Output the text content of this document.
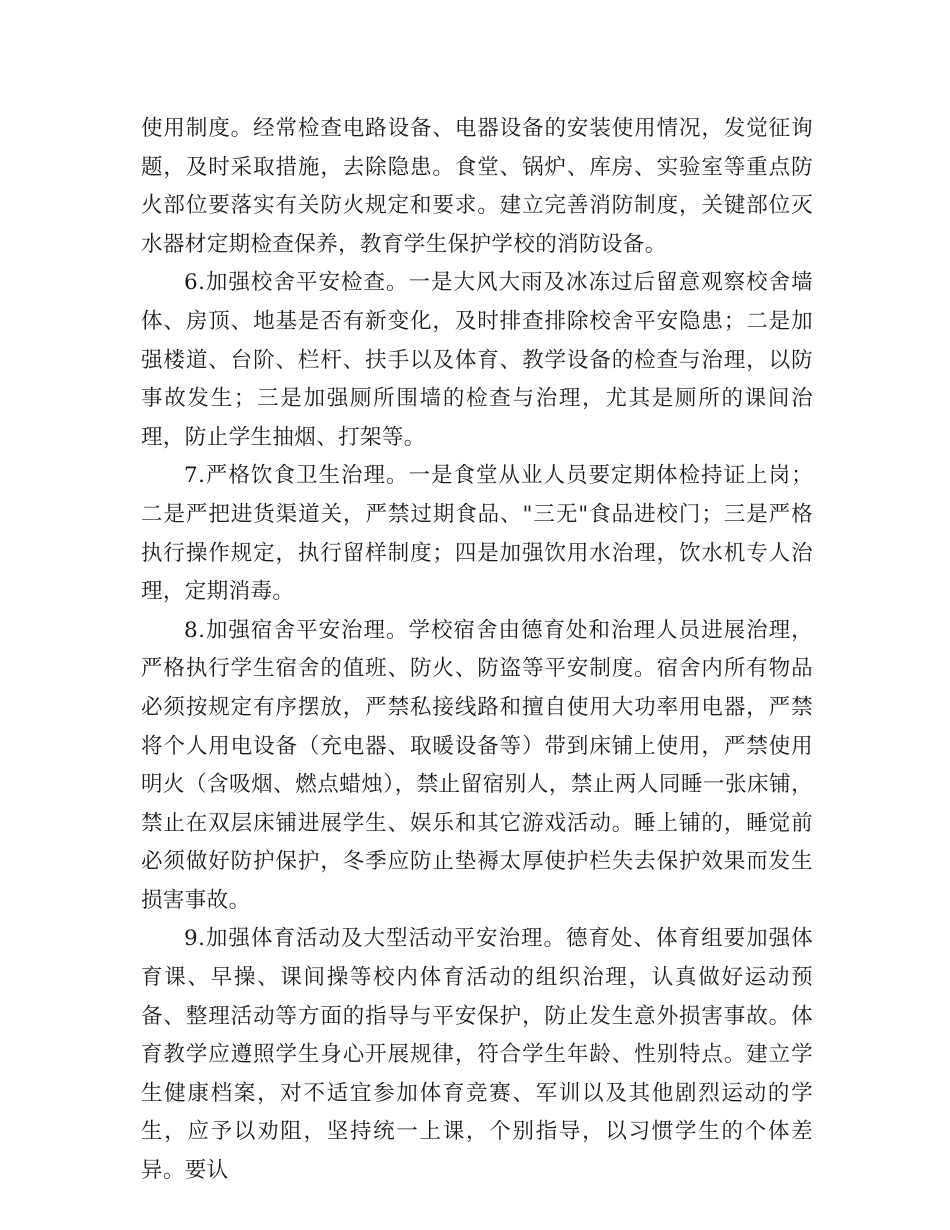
使用制度。经常检查电路设备、电器设备的安装使用情况，发觉征询题，及时采取措施，去除隐患。食堂、锅炉、库房、实验室等重点防火部位要落实有关防火规定和要求。建立完善消防制度，关键部位灭水器材定期检查保养，教育学生保护学校的消防设备。

6.加强校舍平安检查。一是大风大雨及冰冻过后留意观察校舍墙体、房顶、地基是否有新变化，及时排查排除校舍平安隐患；二是加强楼道、台阶、栏杆、扶手以及体育、教学设备的检查与治理，以防事故发生；三是加强厕所围墙的检查与治理，尤其是厕所的课间治理，防止学生抽烟、打架等。

7.严格饮食卫生治理。一是食堂从业人员要定期体检持证上岗；二是严把进货渠道关，严禁过期食品、"三无"食品进校门；三是严格执行操作规定，执行留样制度；四是加强饮用水治理，饮水机专人治理，定期消毒。

8.加强宿舍平安治理。学校宿舍由德育处和治理人员进展治理，严格执行学生宿舍的值班、防火、防盗等平安制度。宿舍内所有物品必须按规定有序摆放，严禁私接线路和擅自使用大功率用电器，严禁将个人用电设备（充电器、取暖设备等）带到床铺上使用，严禁使用明火（含吸烟、燃点蜡烛），禁止留宿别人，禁止两人同睡一张床铺，禁止在双层床铺进展学生、娱乐和其它游戏活动。睡上铺的，睡觉前必须做好防护保护，冬季应防止垫褥太厚使护栏失去保护效果而发生损害事故。

9.加强体育活动及大型活动平安治理。德育处、体育组要加强体育课、早操、课间操等校内体育活动的组织治理，认真做好运动预备、整理活动等方面的指导与平安保护，防止发生意外损害事故。体育教学应遵照学生身心开展规律，符合学生年龄、性别特点。建立学生健康档案，对不适宜参加体育竞赛、军训以及其他剧烈运动的学生，应予以劝阻，坚持统一上课，个别指导，以习惯学生的个体差异。要认
